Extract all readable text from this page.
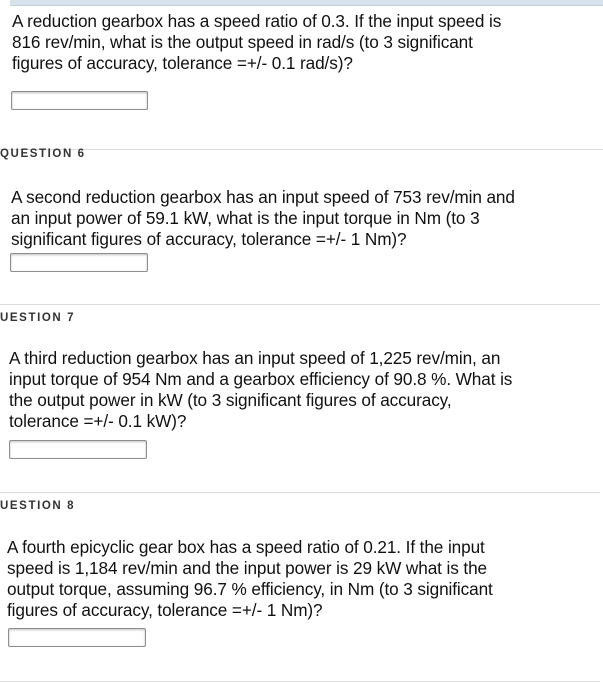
A reduction gearbox has a speed ratio of 0.3. If the input speed is
816 rev/min, what is the output speed in rad/s (to 3 significant
figures of accuracy, tolerance =+/- 0.1 rad/s)?

QUESTION 6

A second reduction gearbox has an input speed of 753 rev/min and
an input power of 59.1 kW, what is the input torque in Nm (to 3
significant figures of accuracy, tolerance =+/- 1 Nm)?

UESTION 7

A third reduction gearbox has an input speed of 1,225 rev/min, an
input torque of 954 Nm and a gearbox efficiency of 90.8 %. What is
the output power in kW (to 3 significant figures of accuracy,
tolerance =+/- 0.1 kW)?

UESTION 8

A fourth epicyclic gear box has a speed ratio of 0.21. If the input
speed is 1,184 rev/min and the input power is 29 kW what is the
output torque, assuming 96.7 % efficiency, in Nm (to 3 significant
figures of accuracy, tolerance =+/- 1 Nm)?
